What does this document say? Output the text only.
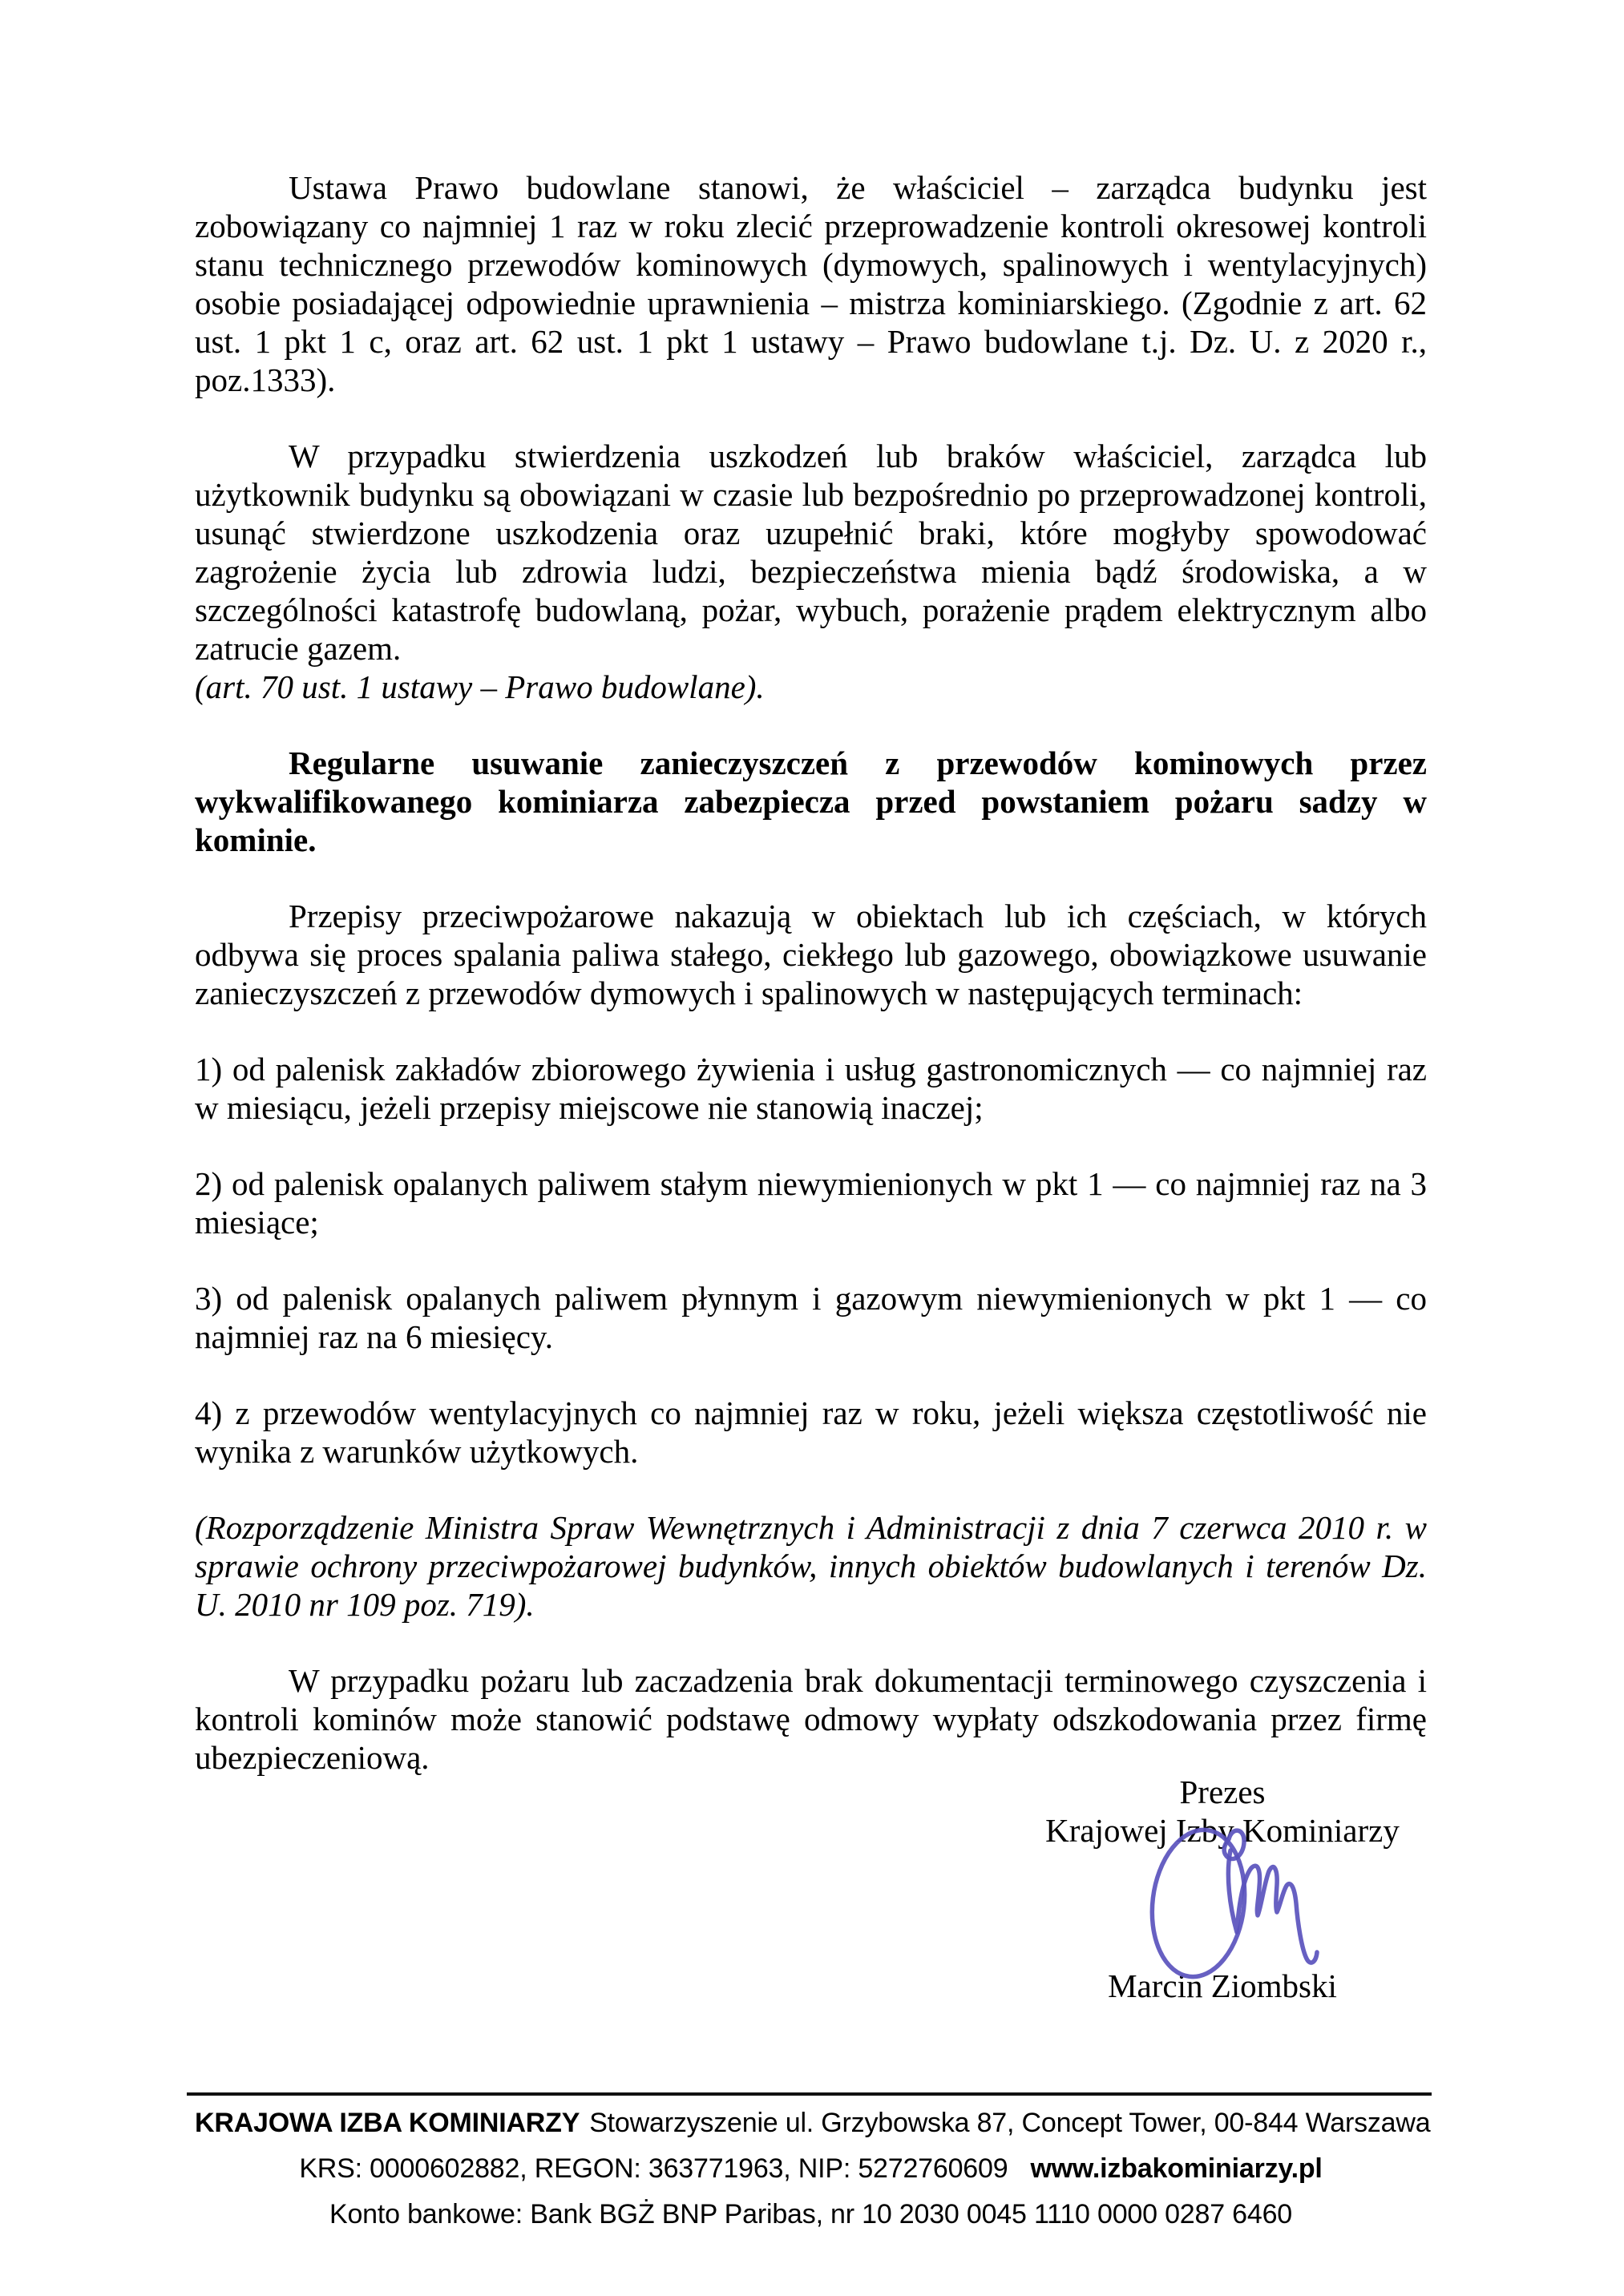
Ustawa Prawo budowlane stanowi, że właściciel – zarządca budynku jest zobowiązany co najmniej 1 raz w roku zlecić przeprowadzenie kontroli okresowej kontroli stanu technicznego przewodów kominowych (dymowych, spalinowych i wentylacyjnych) osobie posiadającej odpowiednie uprawnienia – mistrza kominiarskiego. (Zgodnie z art. 62 ust. 1 pkt 1 c, oraz art. 62 ust. 1 pkt 1 ustawy – Prawo budowlane t.j. Dz. U. z 2020 r., poz.1333).

W przypadku stwierdzenia uszkodzeń lub braków właściciel, zarządca lub użytkownik budynku są obowiązani w czasie lub bezpośrednio po przeprowadzonej kontroli, usunąć stwierdzone uszkodzenia oraz uzupełnić braki, które mogłyby spowodować zagrożenie życia lub zdrowia ludzi, bezpieczeństwa mienia bądź środowiska, a w szczególności katastrofę budowlaną, pożar, wybuch, porażenie prądem elektrycznym albo zatrucie gazem.

(art. 70 ust. 1 ustawy – Prawo budowlane).

Regularne usuwanie zanieczyszczeń z przewodów kominowych przez wykwalifikowanego kominiarza zabezpiecza przed powstaniem pożaru sadzy w kominie.

Przepisy przeciwpożarowe nakazują w obiektach lub ich częściach, w których odbywa się proces spalania paliwa stałego, ciekłego lub gazowego, obowiązkowe usuwanie zanieczyszczeń z przewodów dymowych i spalinowych w następujących terminach:

1) od palenisk zakładów zbiorowego żywienia i usług gastronomicznych — co najmniej raz w miesiącu, jeżeli przepisy miejscowe nie stanowią inaczej;

2) od palenisk opalanych paliwem stałym niewymienionych w pkt 1 — co najmniej raz na 3 miesiące;

3) od palenisk opalanych paliwem płynnym i gazowym niewymienionych w pkt 1 — co najmniej raz na 6 miesięcy.

4) z przewodów wentylacyjnych co najmniej raz w roku, jeżeli większa częstotliwość nie wynika z warunków użytkowych.

(Rozporządzenie Ministra Spraw Wewnętrznych i Administracji z dnia 7 czerwca 2010 r. w sprawie ochrony przeciwpożarowej budynków, innych obiektów budowlanych i terenów Dz. U. 2010 nr 109 poz. 719).

W przypadku pożaru lub zaczadzenia brak dokumentacji terminowego czyszczenia i kontroli kominów może stanowić podstawę odmowy wypłaty odszkodowania przez firmę ubezpieczeniową.

Prezes
Krajowej Izby Kominiarzy
Marcin Ziombski
KRAJOWA IZBA KOMINIARZY Stowarzyszenie ul. Grzybowska 87, Concept Tower, 00-844 Warszawa
KRS: 0000602882, REGON: 363771963, NIP: 5272760609 www.izbakominiarzy.pl
Konto bankowe: Bank BGŻ BNP Paribas, nr 10 2030 0045 1110 0000 0287 6460
